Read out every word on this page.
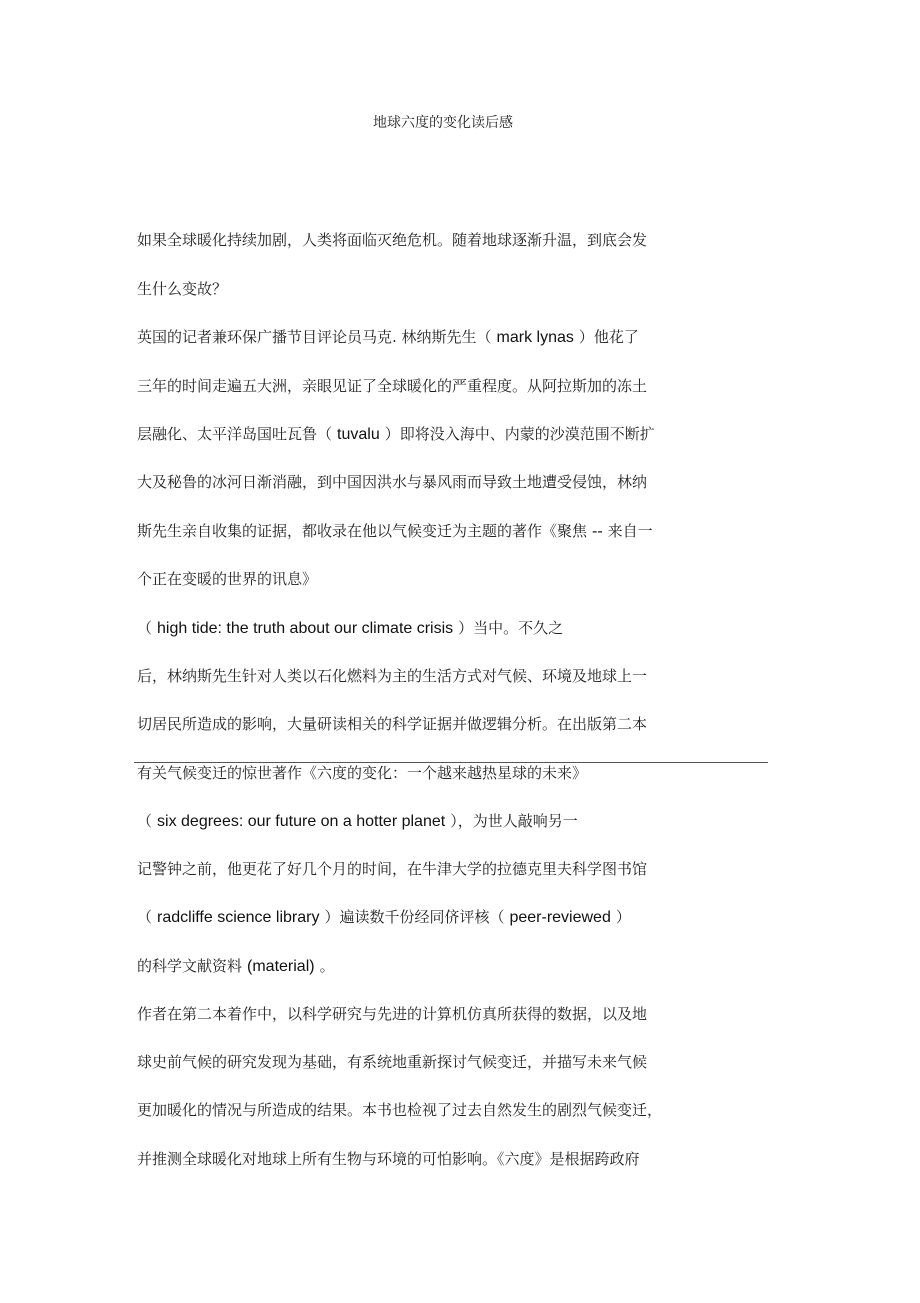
地球六度的变化读后感
如果全球暖化持续加剧，人类将面临灭绝危机。随着地球逐渐升温，到底会发
生什么变故？
英国的记者兼环保广播节目评论员马克. 林纳斯先生（ mark lynas ）他花了
三年的时间走遍五大洲，亲眼见证了全球暖化的严重程度。从阿拉斯加的冻土
层融化、太平洋岛国吐瓦鲁（ tuvalu ）即将没入海中、内蒙的沙漠范围不断扩
大及秘鲁的冰河日渐消融，到中国因洪水与暴风雨而导致土地遭受侵蚀，林纳
斯先生亲自收集的证据，都收录在他以气候变迁为主题的著作《聚焦 -- 来自一
个正在变暖的世界的讯息》
（ high tide: the truth about our climate crisis ）当中。不久之
后，林纳斯先生针对人类以石化燃料为主的生活方式对气候、环境及地球上一
切居民所造成的影响，大量研读相关的科学证据并做逻辑分析。在出版第二本
有关气候变迁的惊世著作《六度的变化：一个越来越热星球的未来》
（ six degrees: our future on a hotter planet ），为世人敲响另一
记警钟之前，他更花了好几个月的时间，在牛津大学的拉德克里夫科学图书馆
（ radcliffe science library ）遍读数千份经同侪评核（ peer-reviewed ）
的科学文献资料 (material) 。
作者在第二本着作中，以科学研究与先进的计算机仿真所获得的数据，以及地
球史前气候的研究发现为基础，有系统地重新探讨气候变迁，并描写未来气候
更加暖化的情况与所造成的结果。本书也检视了过去自然发生的剧烈气候变迁，
并推测全球暖化对地球上所有生物与环境的可怕影响。《六度》是根据跨政府
